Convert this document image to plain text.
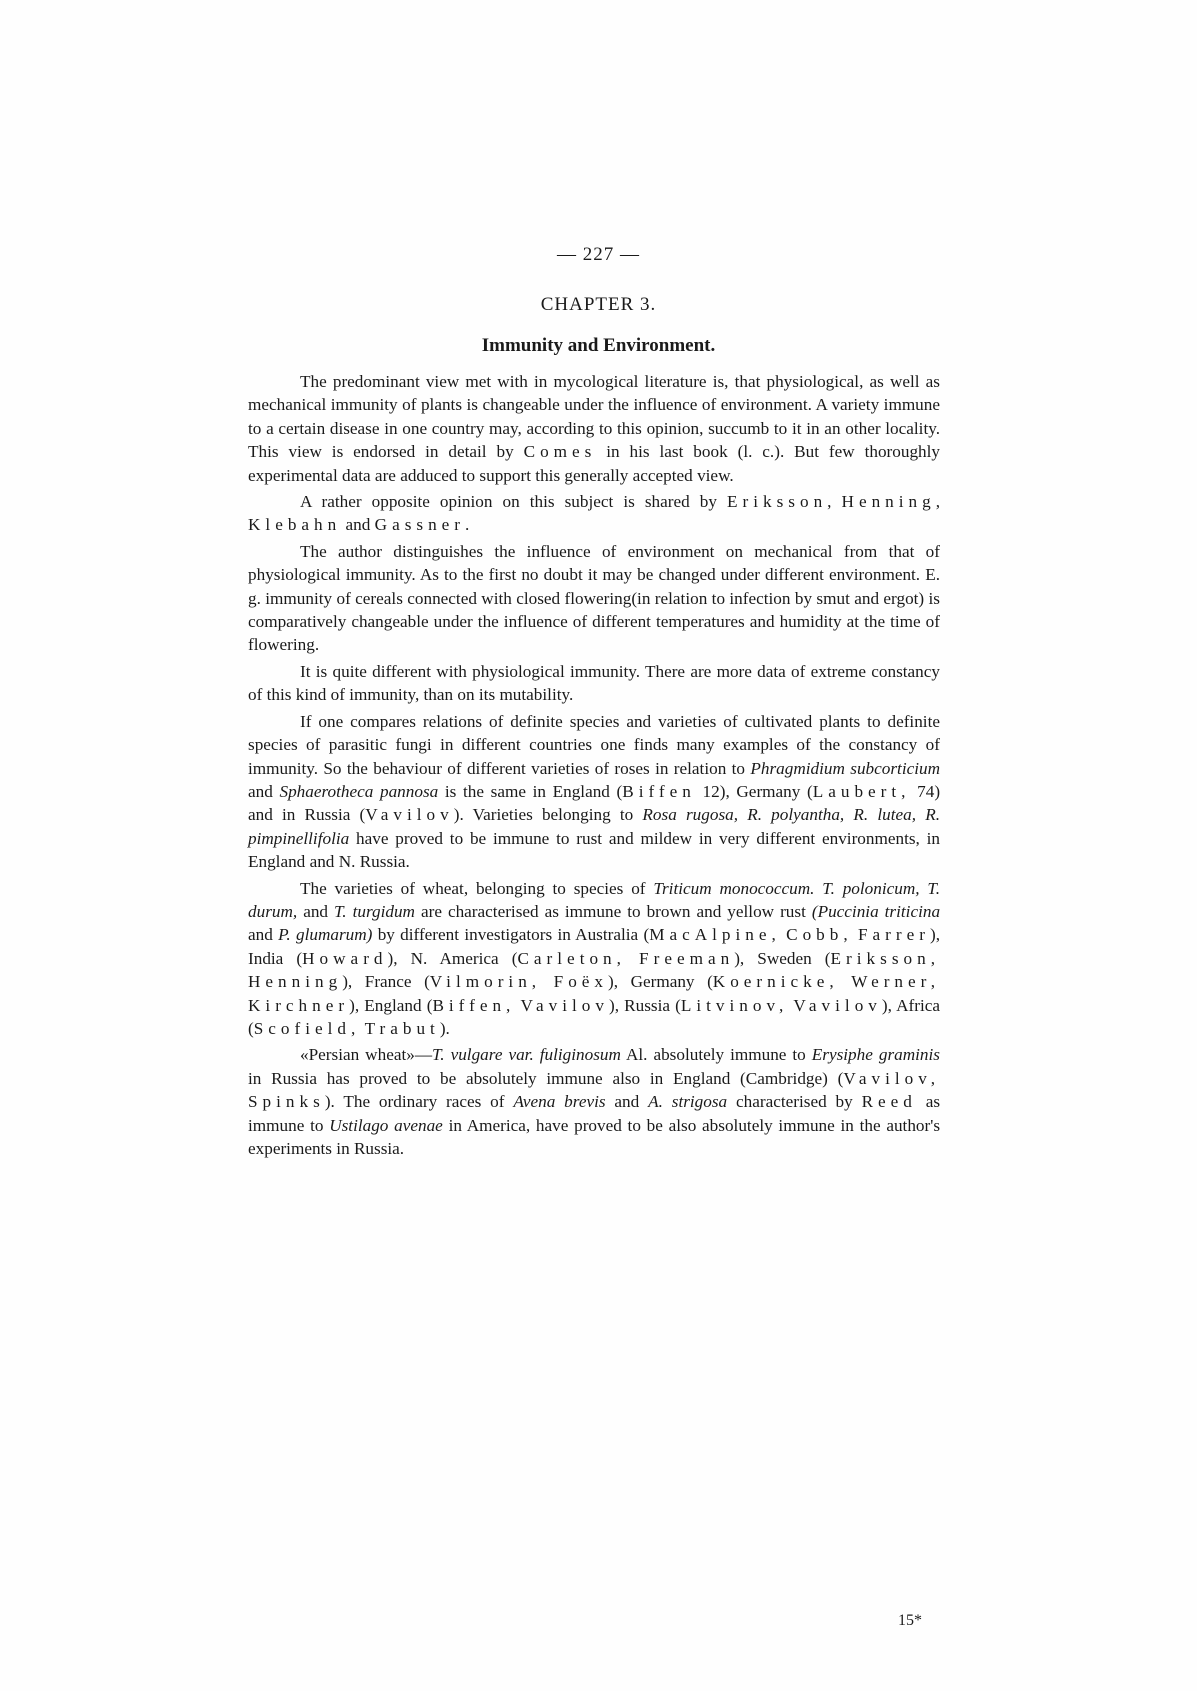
— 227 —
CHAPTER 3.
Immunity and Environment.

The predominant view met with in mycological literature is, that physiological, as well as mechanical immunity of plants is changeable under the influence of environment. A variety immune to a certain disease in one country may, according to this opinion, succumb to it in an other locality. This view is endorsed in detail by Comes in his last book (l. c.). But few thoroughly experimental data are adduced to support this generally accepted view.

A rather opposite opinion on this subject is shared by Eriksson, Henning, Klebahn and Gassner.

The author distinguishes the influence of environment on mechanical from that of physiological immunity. As to the first no doubt it may be changed under different environment. E. g. immunity of cereals connected with closed flowering(in relation to infection by smut and ergot) is comparatively changeable under the influence of different temperatures and humidity at the time of flowering.

It is quite different with physiological immunity. There are more data of extreme constancy of this kind of immunity, than on its mutability.

If one compares relations of definite species and varieties of cultivated plants to definite species of parasitic fungi in different countries one finds many examples of the constancy of immunity. So the behaviour of different varieties of roses in relation to Phragmidium subcorticium and Sphaerotheca pannosa is the same in England (Biffen 12), Germany (Laubert, 74) and in Russia (Vavilov). Varieties belonging to Rosa rugosa, R. polyantha, R. lutea, R. pimpinellifolia have proved to be immune to rust and mildew in very different environments, in England and N. Russia.

The varieties of wheat, belonging to species of Triticum monococcum. T. polonicum, T. durum, and T. turgidum are characterised as immune to brown and yellow rust (Puccinia triticina and P. glumarum) by different investigators in Australia (MacAlpine, Cobb, Farrer), India (Howard), N. America (Carleton, Freeman), Sweden (Eriksson, Henning), France (Vilmorin, Foëx), Germany (Koernicke, Werner, Kirchner), England (Biffen, Vavilov), Russia (Litvinov, Vavilov), Africa (Scofield, Trabut).

«Persian wheat»—T. vulgare var. fuliginosum Al. absolutely immune to Erysiphe graminis in Russia has proved to be absolutely immune also in England (Cambridge) (Vavilov, Spinks). The ordinary races of Avena brevis and A. strigosa characterised by Reed as immune to Ustilago avenae in America, have proved to be also absolutely immune in the author's experiments in Russia.

15*
